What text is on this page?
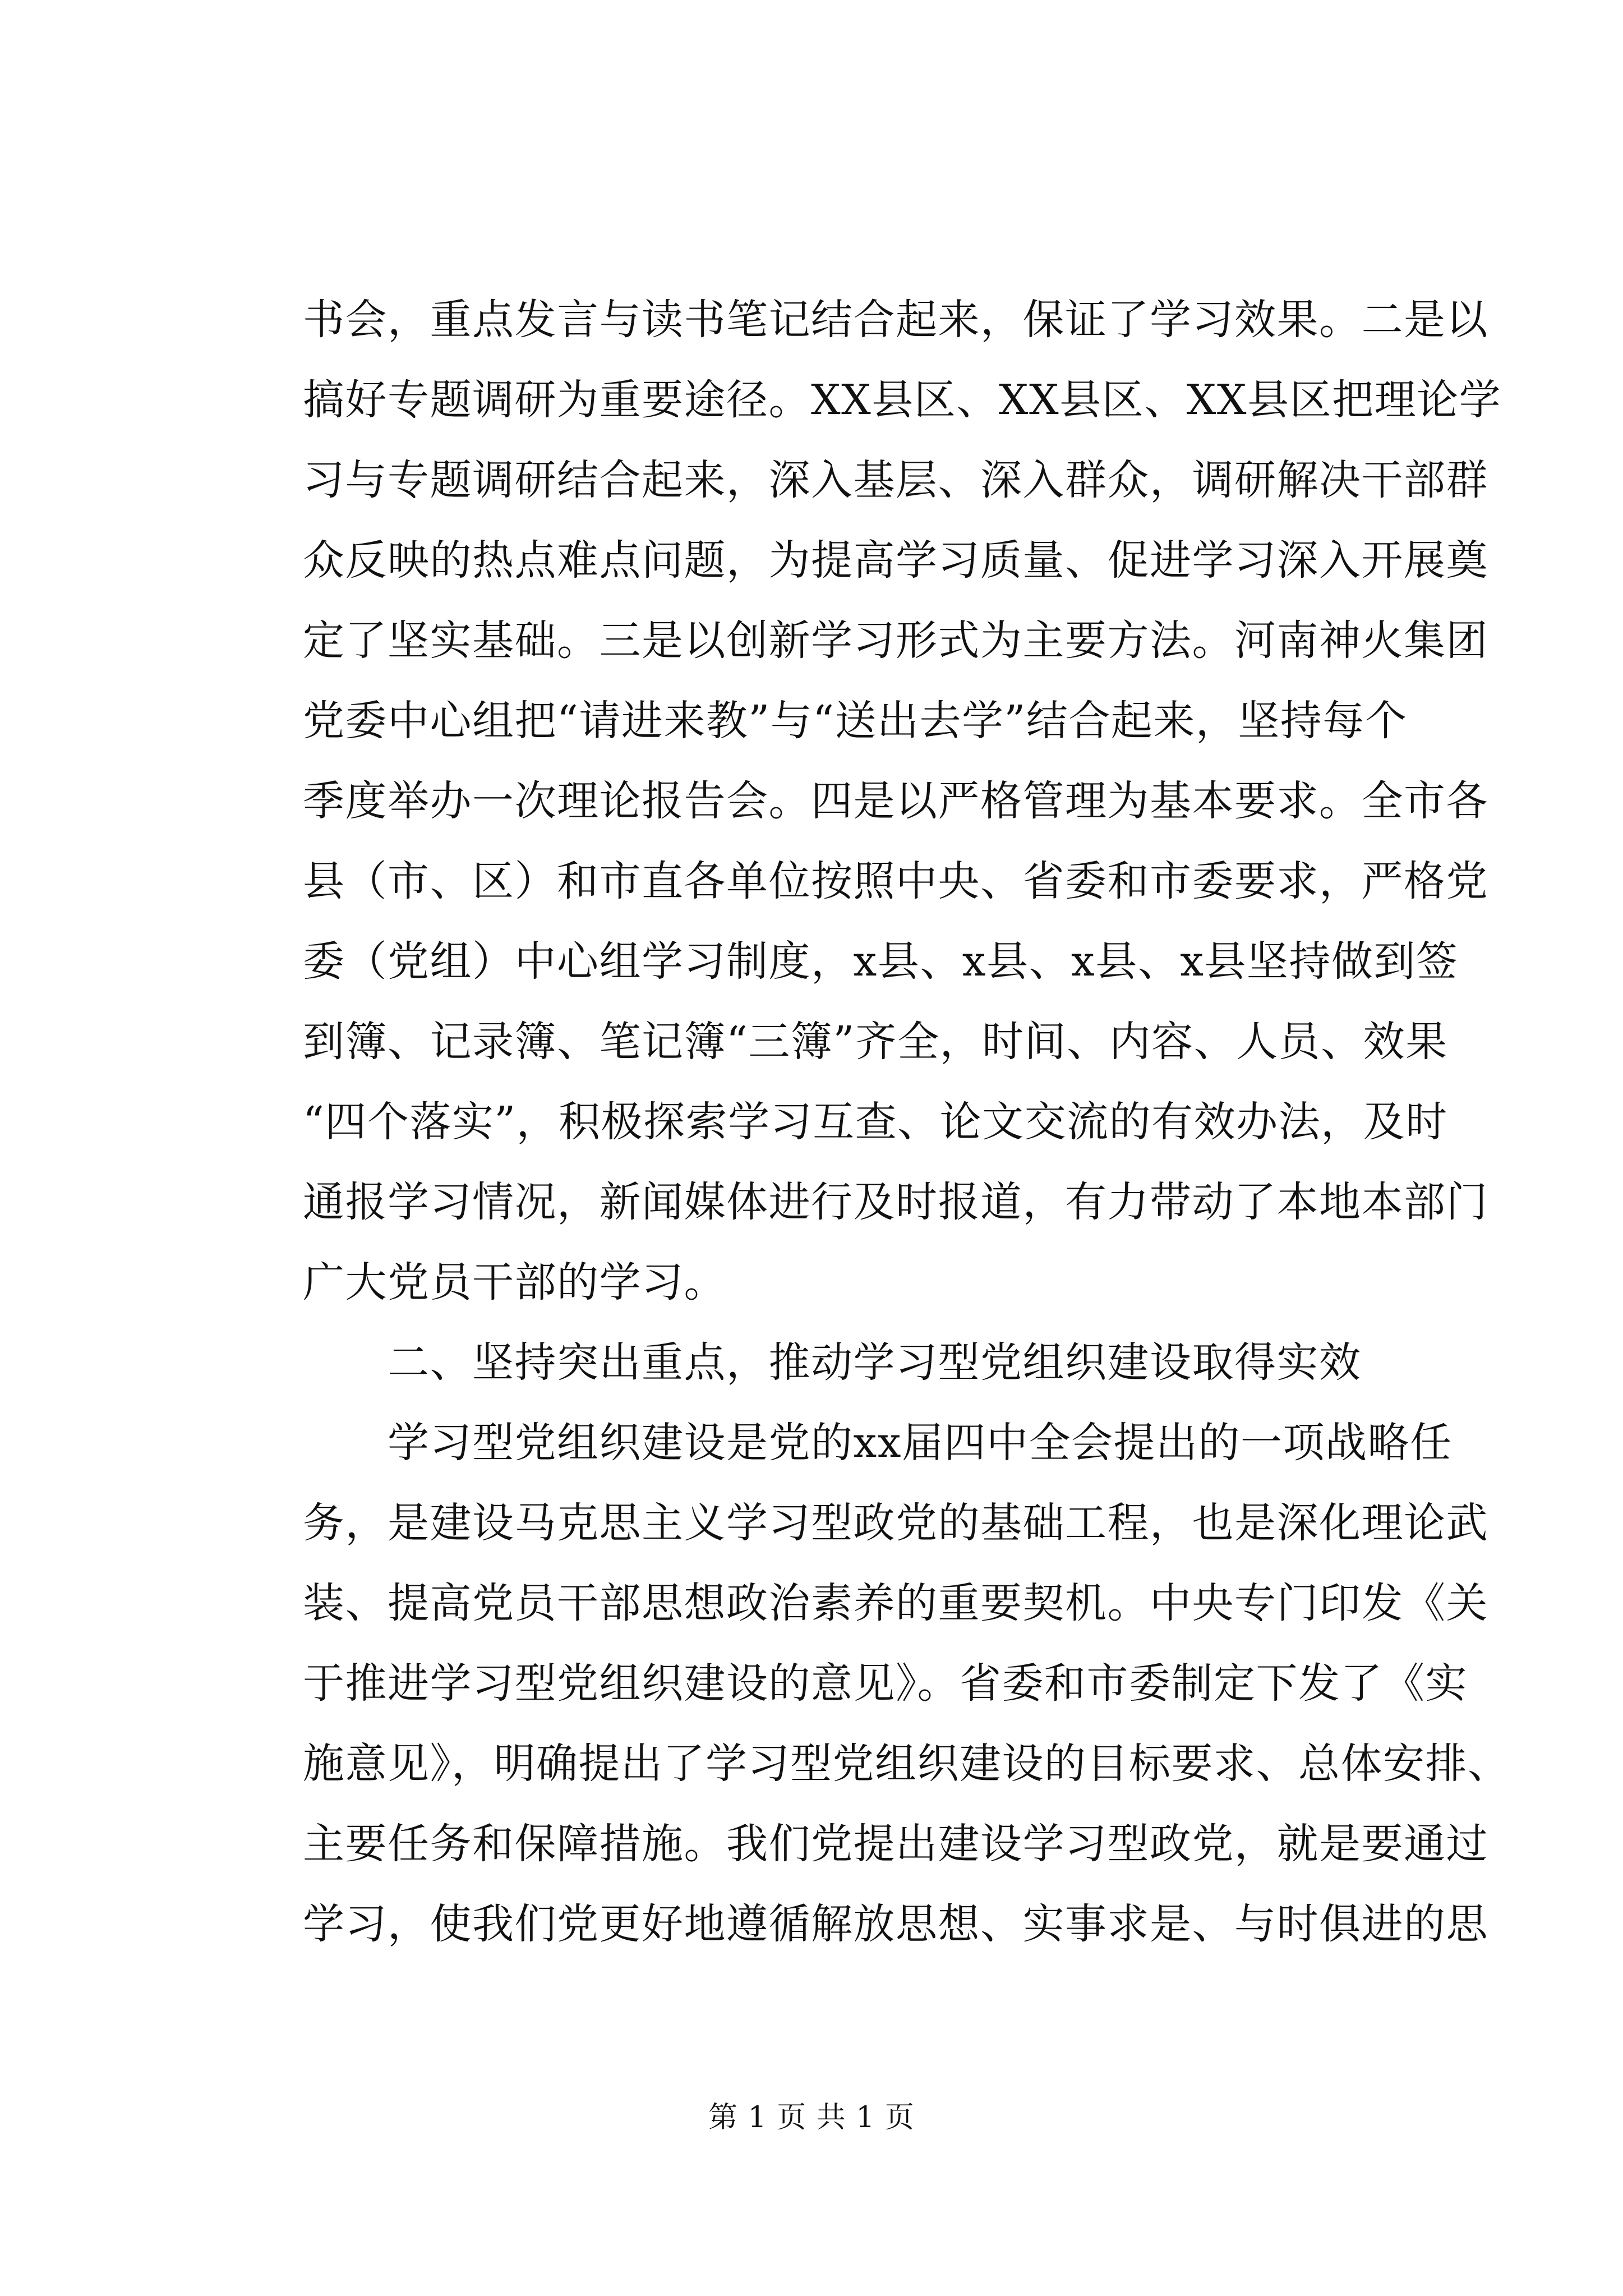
书会，重点发言与读书笔记结合起来，保证了学习效果。二是以
搞好专题调研为重要途径。XX县区、XX县区、XX县区把理论学
习与专题调研结合起来，深入基层、深入群众，调研解决干部群
众反映的热点难点问题，为提高学习质量、促进学习深入开展奠
定了坚实基础。三是以创新学习形式为主要方法。河南神火集团
党委中心组把“请进来教”与“送出去学”结合起来，坚持每个
季度举办一次理论报告会。四是以严格管理为基本要求。全市各
县（市、区）和市直各单位按照中央、省委和市委要求，严格党
委（党组）中心组学习制度，x县、x县、x县、x县坚持做到签
到簿、记录簿、笔记簿“三簿”齐全，时间、内容、人员、效果
“四个落实”，积极探索学习互查、论文交流的有效办法，及时
通报学习情况，新闻媒体进行及时报道，有力带动了本地本部门
广大党员干部的学习。
　　二、坚持突出重点，推动学习型党组织建设取得实效
　　学习型党组织建设是党的xx届四中全会提出的一项战略任
务，是建设马克思主义学习型政党的基础工程，也是深化理论武
装、提高党员干部思想政治素养的重要契机。中央专门印发《关
于推进学习型党组织建设的意见》。省委和市委制定下发了《实
施意见》，明确提出了学习型党组织建设的目标要求、总体安排、
主要任务和保障措施。我们党提出建设学习型政党，就是要通过
学习，使我们党更好地遵循解放思想、实事求是、与时俱进的思
第 1 页 共 1 页
